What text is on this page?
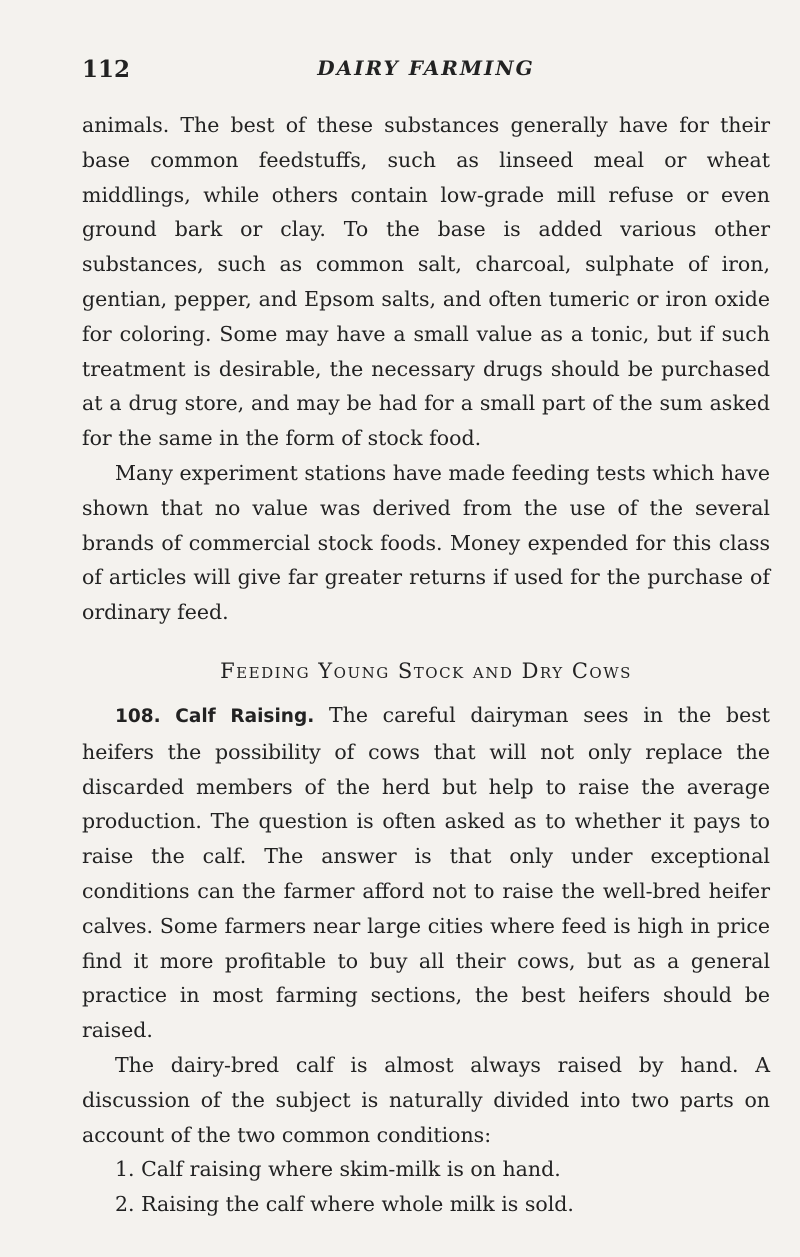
112	DAIRY FARMING

animals. The best of these substances generally have for their base common feedstuffs, such as linseed meal or wheat middlings, while others contain low-grade mill refuse or even ground bark or clay. To the base is added various other substances, such as common salt, charcoal, sulphate of iron, gentian, pepper, and Epsom salts, and often tumeric or iron oxide for coloring. Some may have a small value as a tonic, but if such treatment is desirable, the necessary drugs should be purchased at a drug store, and may be had for a small part of the sum asked for the same in the form of stock food.

Many experiment stations have made feeding tests which have shown that no value was derived from the use of the several brands of commercial stock foods. Money expended for this class of articles will give far greater returns if used for the purchase of ordinary feed.

Feeding Young Stock and Dry Cows

108. Calf Raising. The careful dairyman sees in the best heifers the possibility of cows that will not only replace the discarded members of the herd but help to raise the average production. The question is often asked as to whether it pays to raise the calf. The answer is that only under exceptional conditions can the farmer afford not to raise the well-bred heifer calves. Some farmers near large cities where feed is high in price find it more profitable to buy all their cows, but as a general practice in most farming sections, the best heifers should be raised.

The dairy-bred calf is almost always raised by hand. A discussion of the subject is naturally divided into two parts on account of the two common conditions:

1. Calf raising where skim-milk is on hand.
2. Raising the calf where whole milk is sold.
